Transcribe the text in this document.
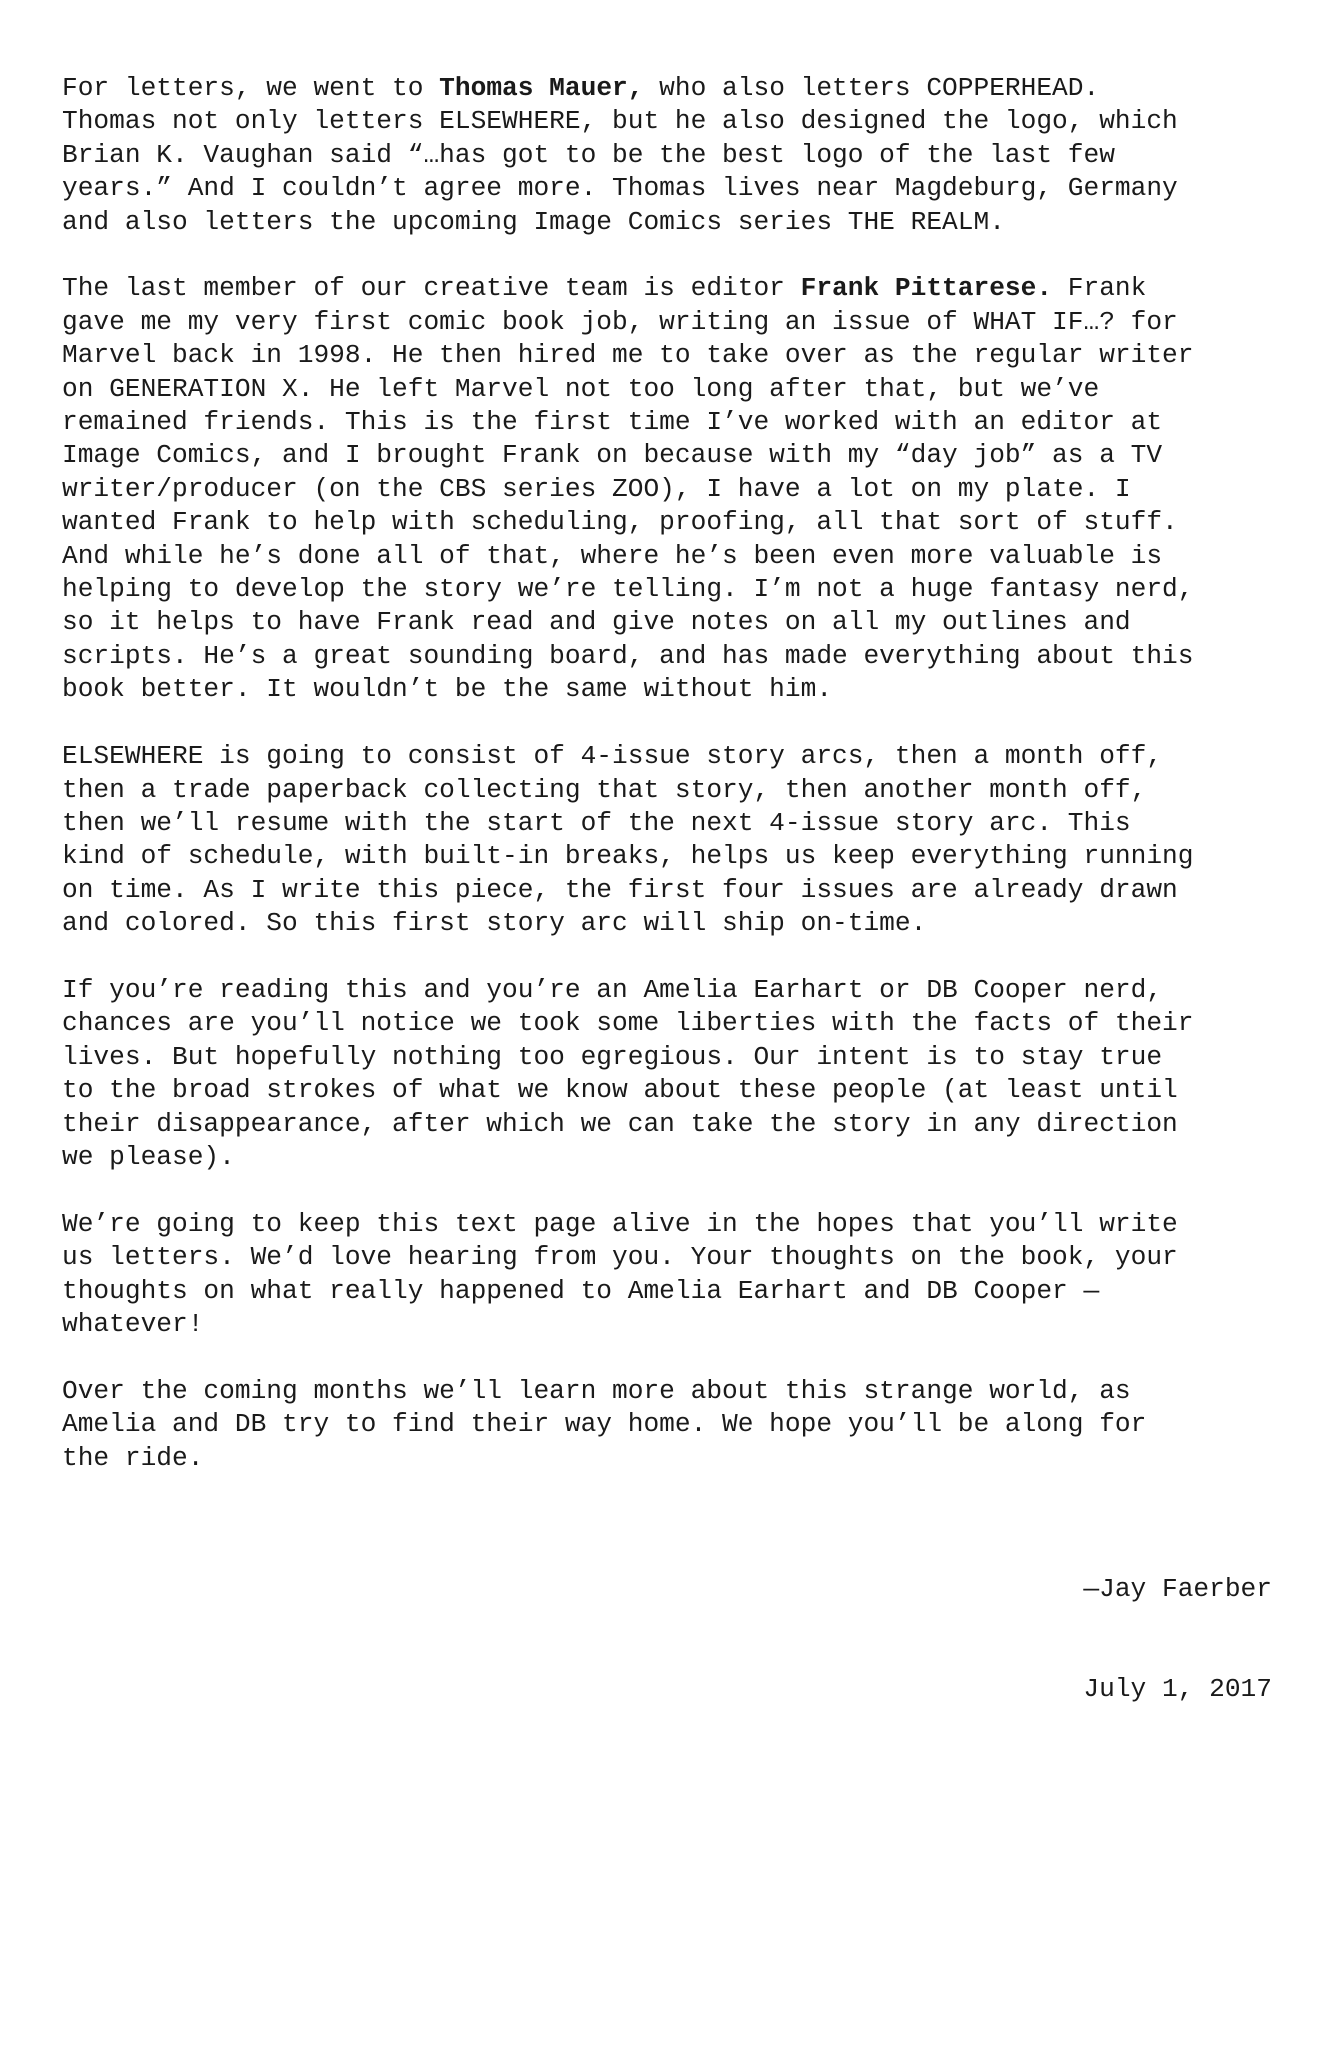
For letters, we went to Thomas Mauer, who also letters COPPERHEAD.
Thomas not only letters ELSEWHERE, but he also designed the logo, which
Brian K. Vaughan said “…has got to be the best logo of the last few
years.” And I couldn’t agree more. Thomas lives near Magdeburg, Germany
and also letters the upcoming Image Comics series THE REALM.
The last member of our creative team is editor Frank Pittarese. Frank
gave me my very first comic book job, writing an issue of WHAT IF…? for
Marvel back in 1998. He then hired me to take over as the regular writer
on GENERATION X. He left Marvel not too long after that, but we’ve
remained friends. This is the first time I’ve worked with an editor at
Image Comics, and I brought Frank on because with my “day job” as a TV
writer/producer (on the CBS series ZOO), I have a lot on my plate. I
wanted Frank to help with scheduling, proofing, all that sort of stuff.
And while he’s done all of that, where he’s been even more valuable is
helping to develop the story we’re telling. I’m not a huge fantasy nerd,
so it helps to have Frank read and give notes on all my outlines and
scripts. He’s a great sounding board, and has made everything about this
book better. It wouldn’t be the same without him.
ELSEWHERE is going to consist of 4-issue story arcs, then a month off,
then a trade paperback collecting that story, then another month off,
then we’ll resume with the start of the next 4-issue story arc. This
kind of schedule, with built-in breaks, helps us keep everything running
on time. As I write this piece, the first four issues are already drawn
and colored. So this first story arc will ship on-time.
If you’re reading this and you’re an Amelia Earhart or DB Cooper nerd,
chances are you’ll notice we took some liberties with the facts of their
lives. But hopefully nothing too egregious. Our intent is to stay true
to the broad strokes of what we know about these people (at least until
their disappearance, after which we can take the story in any direction
we please).
We’re going to keep this text page alive in the hopes that you’ll write
us letters. We’d love hearing from you. Your thoughts on the book, your
thoughts on what really happened to Amelia Earhart and DB Cooper —
whatever!
Over the coming months we’ll learn more about this strange world, as
Amelia and DB try to find their way home. We hope you’ll be along for
the ride.

—Jay Faerber

July 1, 2017
